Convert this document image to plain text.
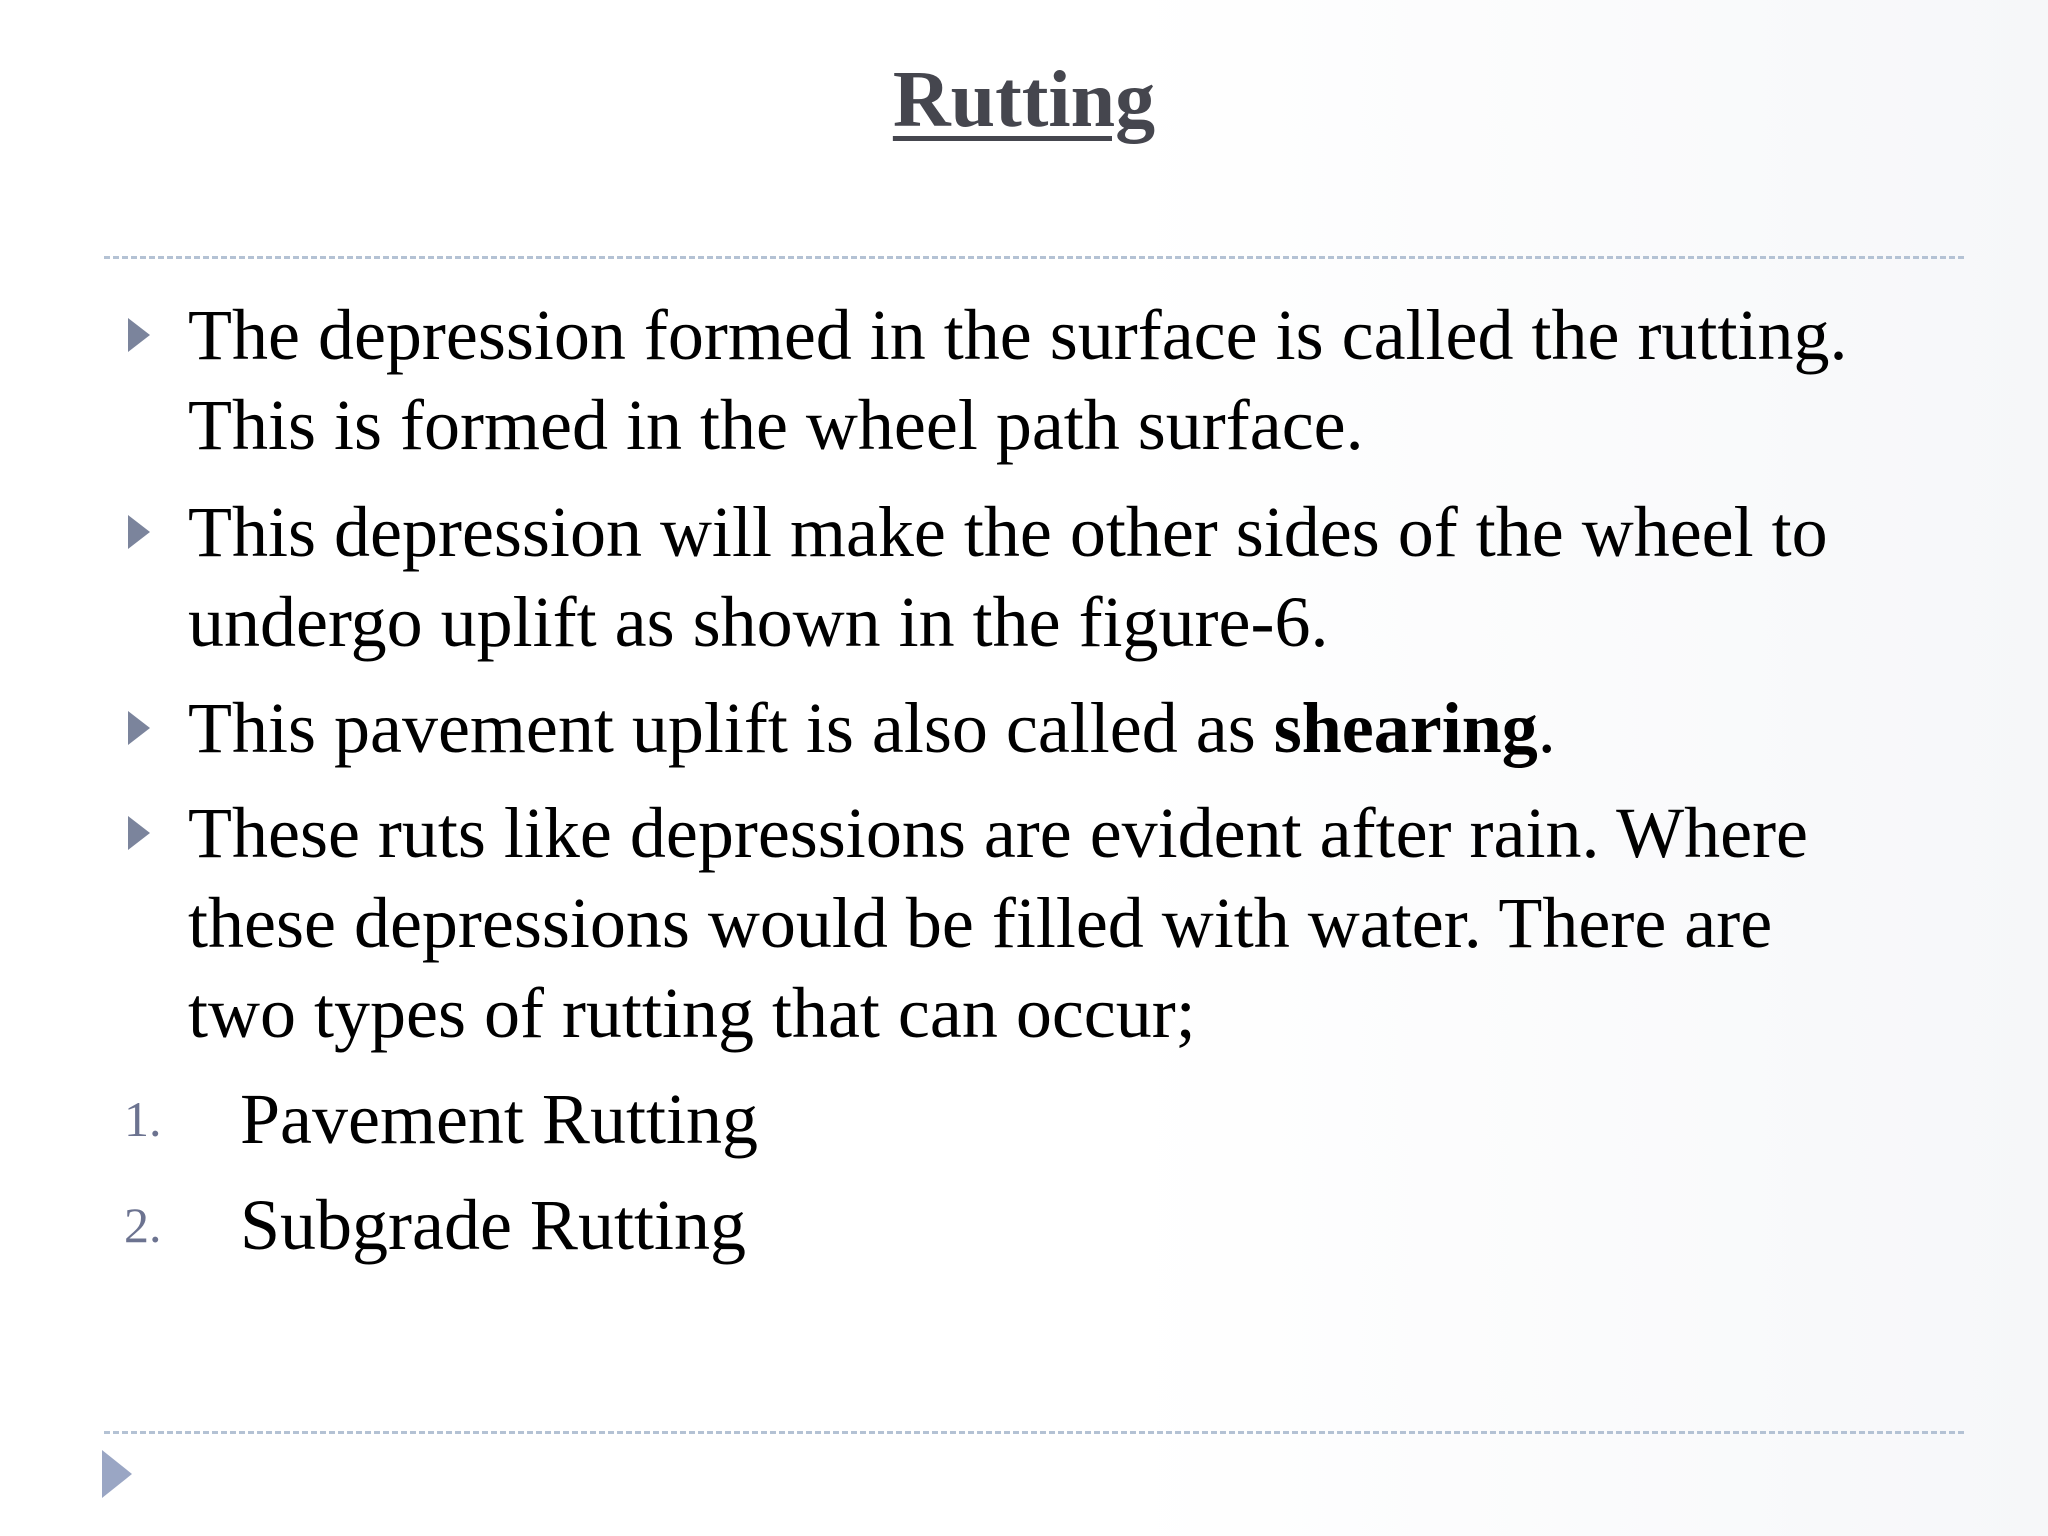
Rutting
The depression formed in the surface is called the rutting.
This is formed in the wheel path surface.
This depression will make the other sides of the wheel to
undergo uplift as shown in the figure-6.
This pavement uplift is also called as shearing.
These ruts like depressions are evident after rain. Where
these depressions would be filled with water. There are
two types of rutting that can occur;
1. Pavement Rutting
2. Subgrade Rutting
